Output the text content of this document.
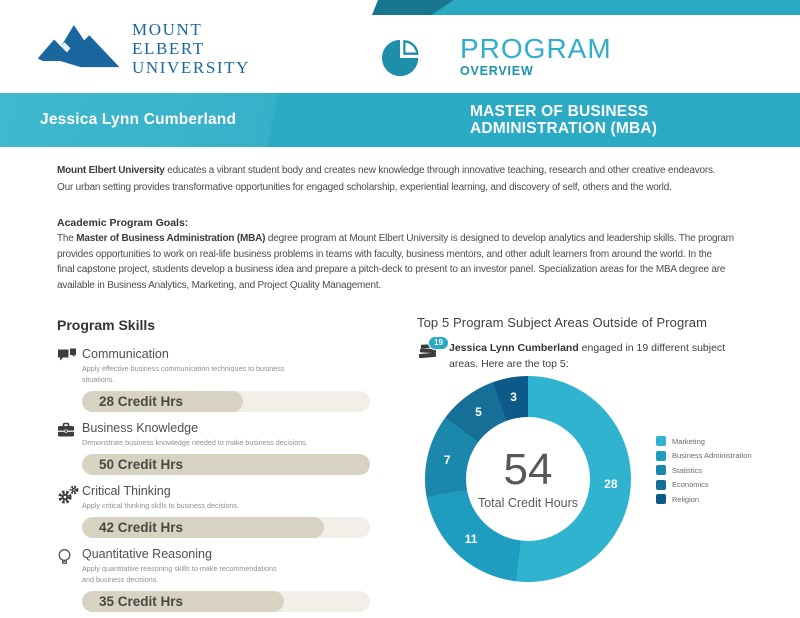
MOUNT
ELBERT
UNIVERSITY
PROGRAM
OVERVIEW
Jessica Lynn Cumberland	MASTER OF BUSINESS ADMINISTRATION (MBA)
Mount Elbert University educates a vibrant student body and creates new knowledge through innovative teaching, research and other creative endeavors.
Our urban setting provides transformative opportunities for engaged scholarship, experiential learning, and discovery of self, others and the world.
Academic Program Goals:
The Master of Business Administration (MBA) degree program at Mount Elbert University is designed to develop analytics and leadership skills. The program
provides opportunities to work on real-life business problems in teams with faculty, business mentors, and other adult learners from around the world. In the
final capstone project, students develop a business idea and prepare a pitch-deck to present to an investor panel. Specialization areas for the MBA degree are
available in Business Analytics, Marketing, and Project Quality Management.
Program Skills
Communication
Apply effective business communication techniques to business
situations.
28 Credit Hrs
Business Knowledge
Demonstrate business knowledge needed to make business decisions.
50 Credit Hrs
Critical Thinking
Apply critical thinking skills to business decisions.
42 Credit Hrs
Quantitative Reasoning
Apply quantitative reasoning skills to make recommendations
and business decisions.
35 Credit Hrs
Top 5 Program Subject Areas Outside of Program
19 Jessica Lynn Cumberland engaged in 19 different subject
areas. Here are the top 5:
54
Total Credit Hours
28
11
7
5
3
Marketing
Business Administration
Statistics
Economics
Religion
